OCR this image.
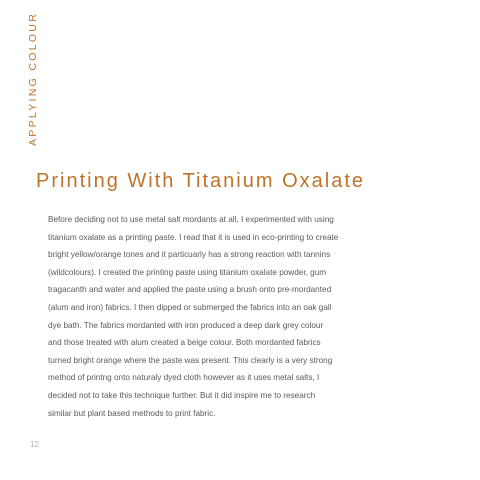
APPLYING COLOUR
Printing With Titanium Oxalate

Before deciding not to use metal salt mordants at all, I experimented with using
titanium oxalate as a printing paste. I read that it is used in eco-printing to create
bright yellow/orange tones and it particuarly has a strong reaction with tannins
(wildcolours). I created the printing paste using titanium oxalate powder, gum
tragacanth and water and applied the paste using a brush onto pre-mordanted
(alum and iron) fabrics. I then dipped or submerged the fabrics into an oak gall
dye bath. The fabrics mordanted with iron produced a deep dark grey colour
and those treated with alum created a beige colour. Both mordanted fabrics
turned bright orange where the paste was present. This clearly is a very strong
method of printng onto naturaly dyed cloth however as it uses metal salts, I
decided not to take this technique further. But it did inspire me to research
similar but plant based methods to print fabric.

12
